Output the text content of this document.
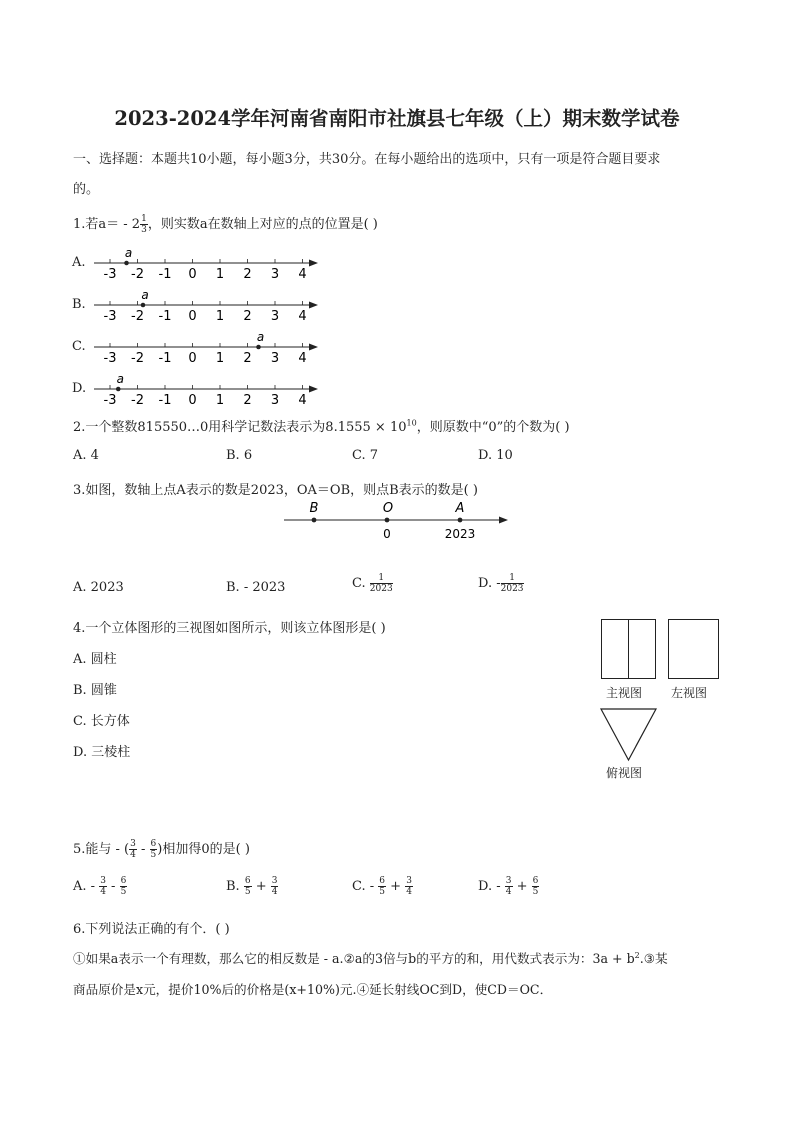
2023-2024学年河南省南阳市社旗县七年级（上）期末数学试卷
一、选择题：本题共10小题，每小题3分，共30分。在每小题给出的选项中，只有一项是符合题目要求
的。
1.若$a= - 2 \frac{1}{3}$ ，则实数a在数轴上对应的点的位置是( )
A.
-3 -2 -1 0 1 2 3 4
a
B.
-3 -2 -1 0 1 2 3 4
a
C.
-3 -2 -1 0 1 2 3 4
a
D.
-3 -2 -1 0 1 2 3 4
a
2.一个整数815550…0用科学记数法表示为$8.1555 \times 10^{10}$，则原数中“0”的个数为( )
A. 4	B. 6	C. 7	D. 10
3.如图，数轴上点A表示的数是2023，OA＝OB，则点B表示的数是( )
B	O	A
0	2023
A. 2023	B. - 2023	C. $\frac{1}{2023}$	D. - $\frac{1}{2023}$
4.一个立体图形的三视图如图所示，则该立体图形是( )
A. 圆柱
B. 圆锥
C. 长方体
D. 三棱柱
主视图 左视图
俯视图
5.能与 - ( $\frac{3}{4} - \frac{6}{5}$ )相加得0的是( )
A. - $\frac{3}{4} - \frac{6}{5}$	B. $\frac{6}{5} + \frac{3}{4}$	C. - $\frac{6}{5} + \frac{3}{4}$	D. - $\frac{3}{4} + \frac{6}{5}$
6.下列说法正确的有个．( )
①如果a表示一个有理数，那么它的相反数是 - a.②a的3倍与b的平方的和，用代数式表示为：$3a + b^2.③$某
商品原价是x元，提价10%后的价格是(x+10%)元.④延长射线OC到D，使CD＝OC．
